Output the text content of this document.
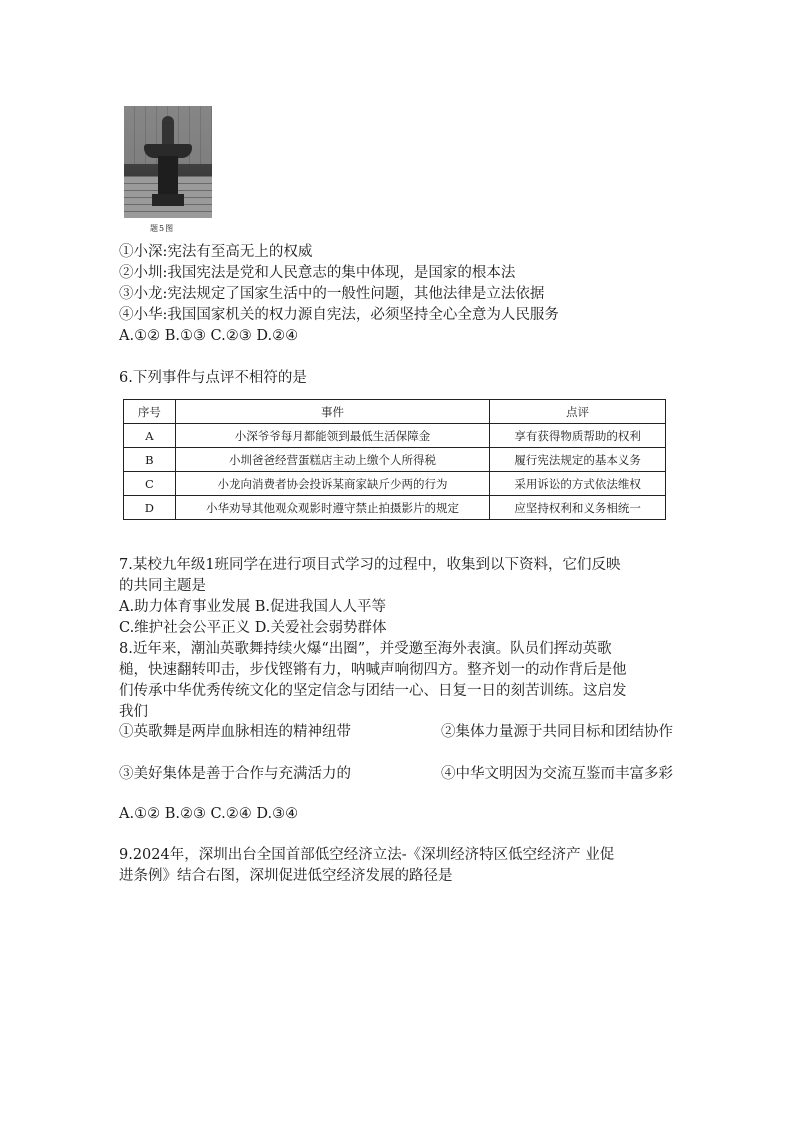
题5图
①小深:宪法有至高无上的权威
②小圳:我国宪法是党和人民意志的集中体现，是国家的根本法
③小龙:宪法规定了国家生活中的一般性问题，其他法律是立法依据
④小华:我国国家机关的权力源自宪法，必须坚持全心全意为人民服务
A.①② B.①③ C.②③ D.②④
6.下列事件与点评不相符的是
序号	事件	点评
A	小深爷爷每月都能领到最低生活保障金	享有获得物质帮助的权利
B	小圳爸爸经营蛋糕店主动上缴个人所得税	履行宪法规定的基本义务
C	小龙向消费者协会投诉某商家缺斤少两的行为	采用诉讼的方式依法维权
D	小华劝导其他观众观影时遵守禁止拍摄影片的规定	应坚持权利和义务相统一
7.某校九年级1班同学在进行项目式学习的过程中，收集到以下资料，它们反映
的共同主题是
A.助力体育事业发展 B.促进我国人人平等
C.维护社会公平正义 D.关爱社会弱势群体
8.近年来，潮汕英歌舞持续火爆“出圈”，并受邀至海外表演。队员们挥动英歌
槌，快速翻转叩击，步伐铿锵有力，呐喊声响彻四方。整齐划一的动作背后是他
们传承中华优秀传统文化的坚定信念与团结一心、日复一日的刻苦训练。这启发
我们
①英歌舞是两岸血脉相连的精神纽带	②集体力量源于共同目标和团结协作
③美好集体是善于合作与充满活力的	④中华文明因为交流互鉴而丰富多彩
A.①② B.②③ C.②④ D.③④
9.2024年，深圳出台全国首部低空经济立法-《深圳经济特区低空经济产 业促
进条例》结合右图，深圳促进低空经济发展的路径是
